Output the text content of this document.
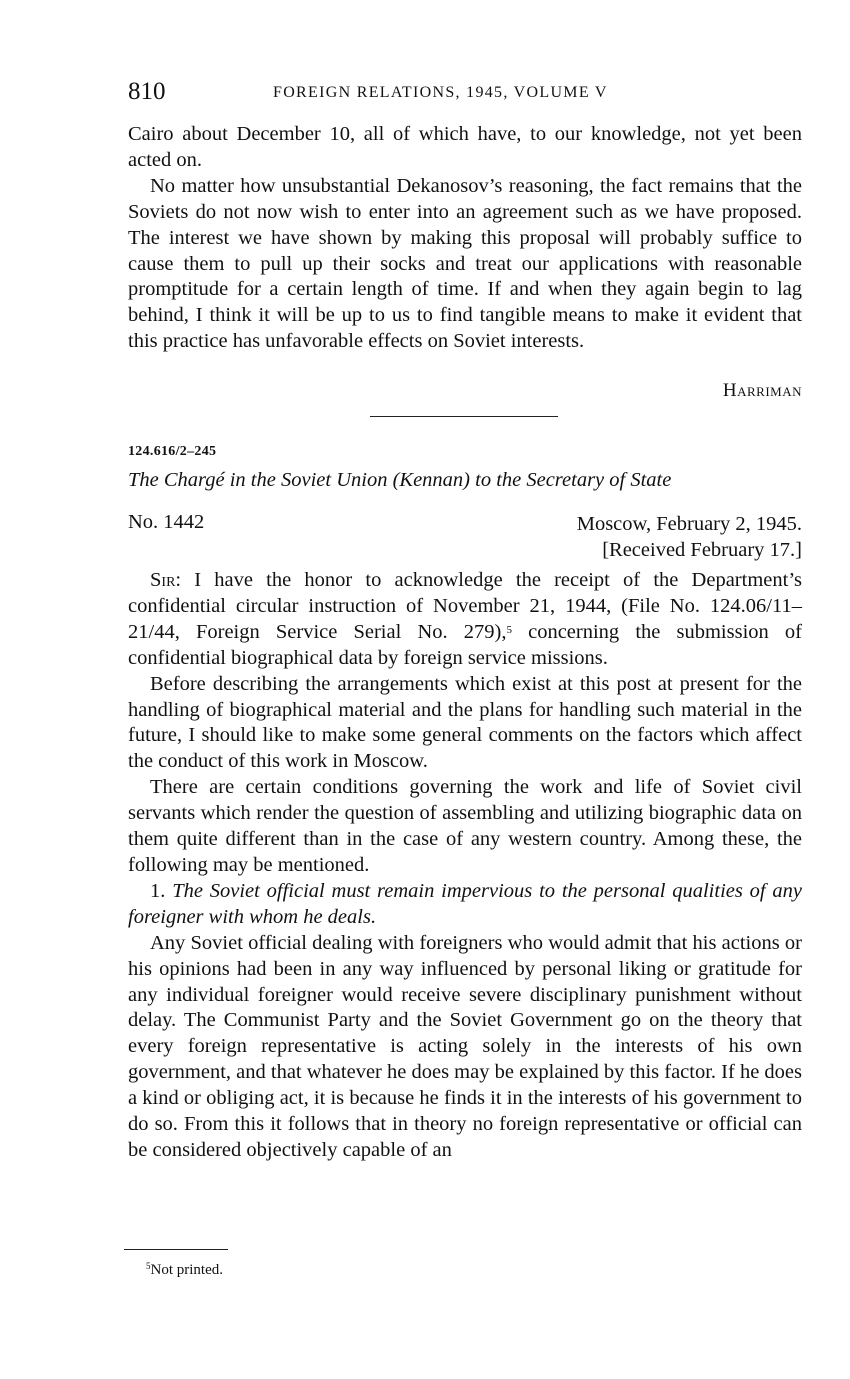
810	FOREIGN RELATIONS, 1945, VOLUME V

Cairo about December 10, all of which have, to our knowledge, not yet been acted on.

No matter how unsubstantial Dekanosov’s reasoning, the fact remains that the Soviets do not now wish to enter into an agreement such as we have proposed. The interest we have shown by making this proposal will probably suffice to cause them to pull up their socks and treat our applications with reasonable promptitude for a certain length of time. If and when they again begin to lag behind, I think it will be up to us to find tangible means to make it evident that this practice has unfavorable effects on Soviet interests.

Harriman
124.616/2–245
The Chargé in the Soviet Union (Kennan) to the Secretary of State
No. 1442	Moscow, February 2, 1945.
[Received February 17.]

Sir: I have the honor to acknowledge the receipt of the Department’s confidential circular instruction of November 21, 1944, (File No. 124.06/11–21/44, Foreign Service Serial No. 279),$^5$ concerning the submission of confidential biographical data by foreign service missions.

Before describing the arrangements which exist at this post at present for the handling of biographical material and the plans for handling such material in the future, I should like to make some general comments on the factors which affect the conduct of this work in Moscow.

There are certain conditions governing the work and life of Soviet civil servants which render the question of assembling and utilizing biographic data on them quite different than in the case of any western country. Among these, the following may be mentioned.

1. The Soviet official must remain impervious to the personal qualities of any foreigner with whom he deals.

Any Soviet official dealing with foreigners who would admit that his actions or his opinions had been in any way influenced by personal liking or gratitude for any individual foreigner would receive severe disciplinary punishment without delay. The Communist Party and the Soviet Government go on the theory that every foreign representative is acting solely in the interests of his own government, and that whatever he does may be explained by this factor. If he does a kind or obliging act, it is because he finds it in the interests of his government to do so. From this it follows that in theory no foreign representative or official can be considered objectively capable of an

$^5$Not printed.
